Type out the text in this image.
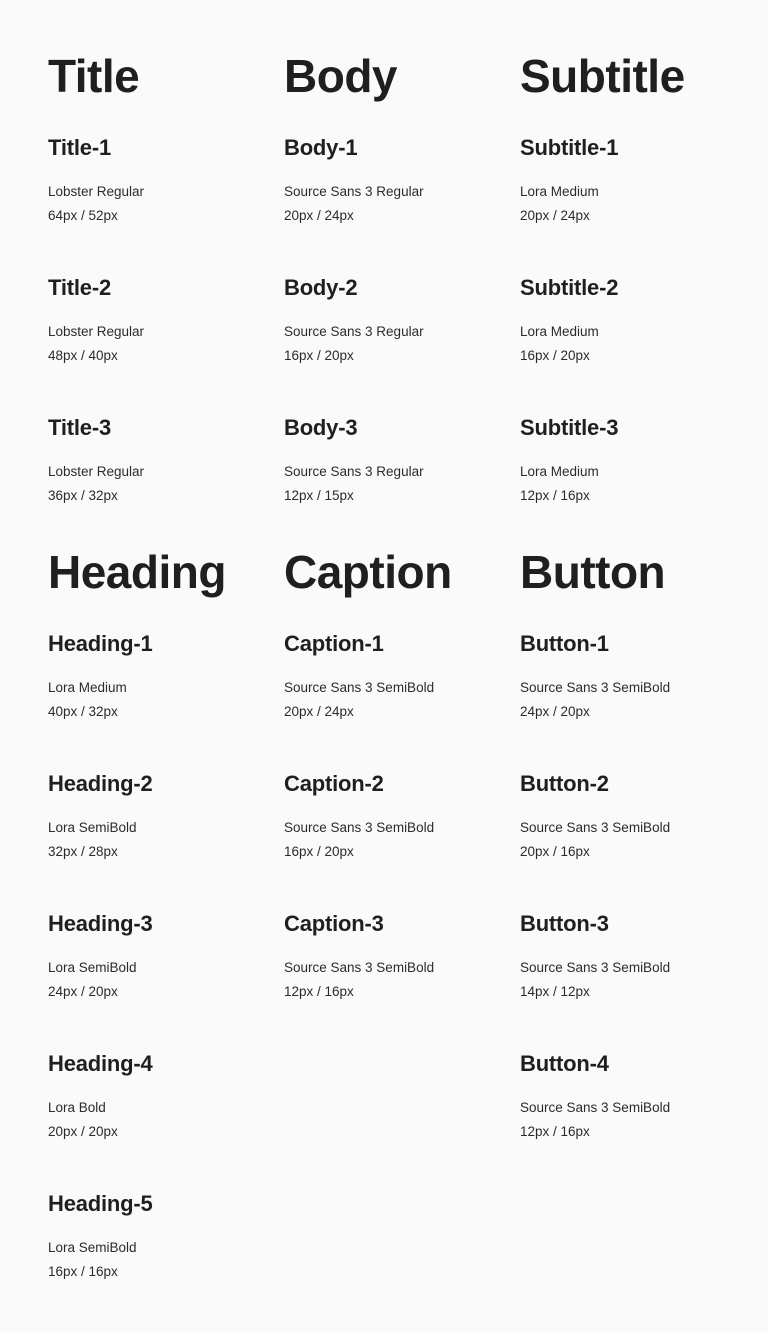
Title
Title-1
Lobster Regular
64px / 52px
Title-2
Lobster Regular
48px / 40px
Title-3
Lobster Regular
36px / 32px
Heading
Heading-1
Lora Medium
40px / 32px
Heading-2
Lora SemiBold
32px / 28px
Heading-3
Lora SemiBold
24px / 20px
Heading-4
Lora Bold
20px / 20px
Heading-5
Lora SemiBold
16px / 16px
Body
Body-1
Source Sans 3 Regular
20px / 24px
Body-2
Source Sans 3 Regular
16px / 20px
Body-3
Source Sans 3 Regular
12px / 15px
Caption
Caption-1
Source Sans 3 SemiBold
20px / 24px
Caption-2
Source Sans 3 SemiBold
16px / 20px
Caption-3
Source Sans 3 SemiBold
12px / 16px
Subtitle
Subtitle-1
Lora Medium
20px / 24px
Subtitle-2
Lora Medium
16px / 20px
Subtitle-3
Lora Medium
12px / 16px
Button
Button-1
Source Sans 3 SemiBold
24px / 20px
Button-2
Source Sans 3 SemiBold
20px / 16px
Button-3
Source Sans 3 SemiBold
14px / 12px
Button-4
Source Sans 3 SemiBold
12px / 16px
